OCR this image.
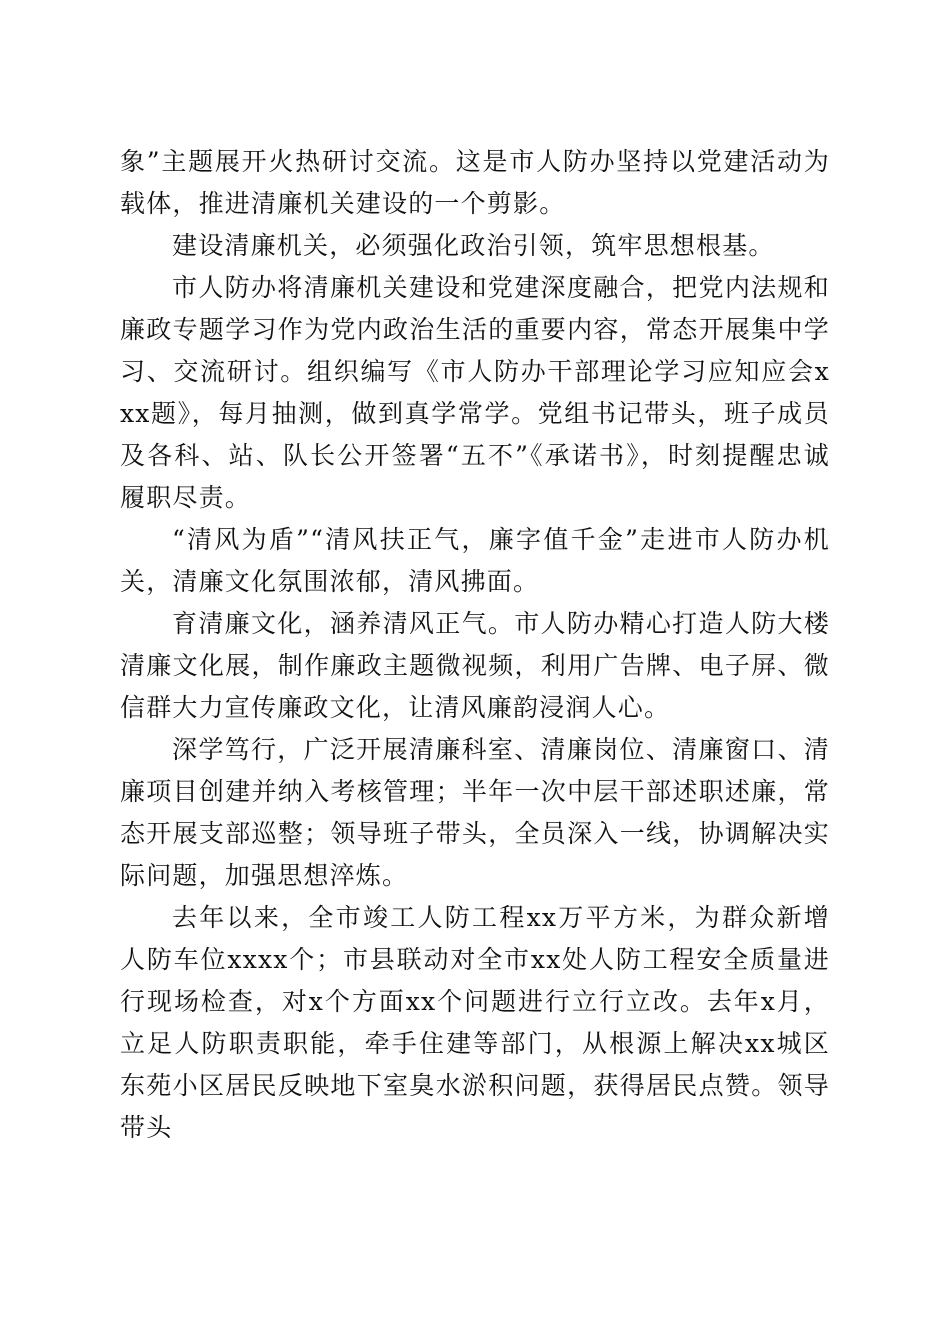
象”主题展开火热研讨交流。这是市人防办坚持以党建活动为载体，推进清廉机关建设的一个剪影。

建设清廉机关，必须强化政治引领，筑牢思想根基。

市人防办将清廉机关建设和党建深度融合，把党内法规和廉政专题学习作为党内政治生活的重要内容，常态开展集中学习、交流研讨。组织编写《市人防办干部理论学习应知应会xxx题》，每月抽测，做到真学常学。党组书记带头，班子成员及各科、站、队长公开签署“五不”《承诺书》，时刻提醒忠诚履职尽责。

“清风为盾”“清风扶正气，廉字值千金”走进市人防办机关，清廉文化氛围浓郁，清风拂面。

育清廉文化，涵养清风正气。市人防办精心打造人防大楼清廉文化展，制作廉政主题微视频，利用广告牌、电子屏、微信群大力宣传廉政文化，让清风廉韵浸润人心。

深学笃行，广泛开展清廉科室、清廉岗位、清廉窗口、清廉项目创建并纳入考核管理；半年一次中层干部述职述廉，常态开展支部巡整；领导班子带头，全员深入一线，协调解决实际问题，加强思想淬炼。

去年以来，全市竣工人防工程xx万平方米，为群众新增人防车位xxxx个；市县联动对全市xx处人防工程安全质量进行现场检查，对x个方面xx个问题进行立行立改。去年x月，立足人防职责职能，牵手住建等部门，从根源上解决xx城区东苑小区居民反映地下室臭水淤积问题，获得居民点赞。领导带头
